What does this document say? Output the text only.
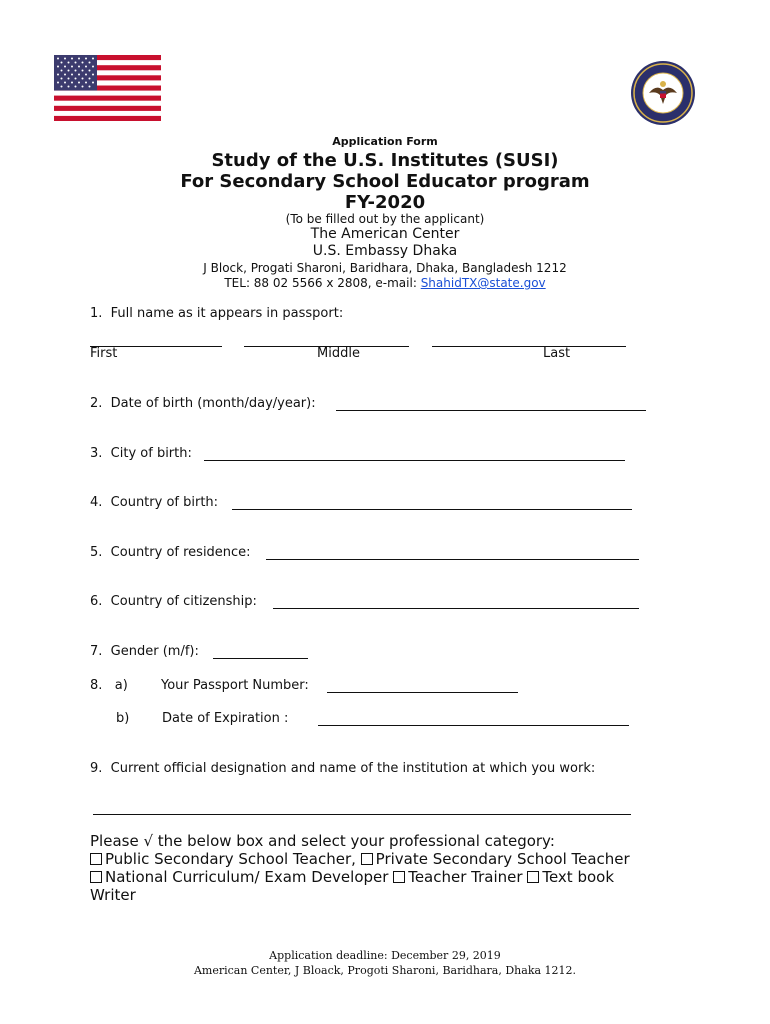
Application Form
Study of the U.S. Institutes (SUSI)
For Secondary School Educator program
FY-2020
(To be filled out by the applicant)
The American Center
U.S. Embassy Dhaka
J Block, Progati Sharoni, Baridhara, Dhaka, Bangladesh 1212
TEL: 88 02 5566 x 2808, e-mail: ShahidTX@state.gov
1.  Full name as it appears in passport:
First	Middle	Last
2.  Date of birth (month/day/year):
3.  City of birth:
4.  Country of birth:
5.  Country of residence:
6.  Country of citizenship:
7.  Gender (m/f):
8.   a)	Your Passport Number:
b)	Date of Expiration :
9.  Current official designation and name of the institution at which you work:
Please √ the below box and select your professional category:
Public Secondary School Teacher, Private Secondary School Teacher
National Curriculum/ Exam Developer Teacher Trainer Text book
Writer
Application deadline: December 29, 2019
American Center, J Bloack, Progoti Sharoni, Baridhara, Dhaka 1212.
